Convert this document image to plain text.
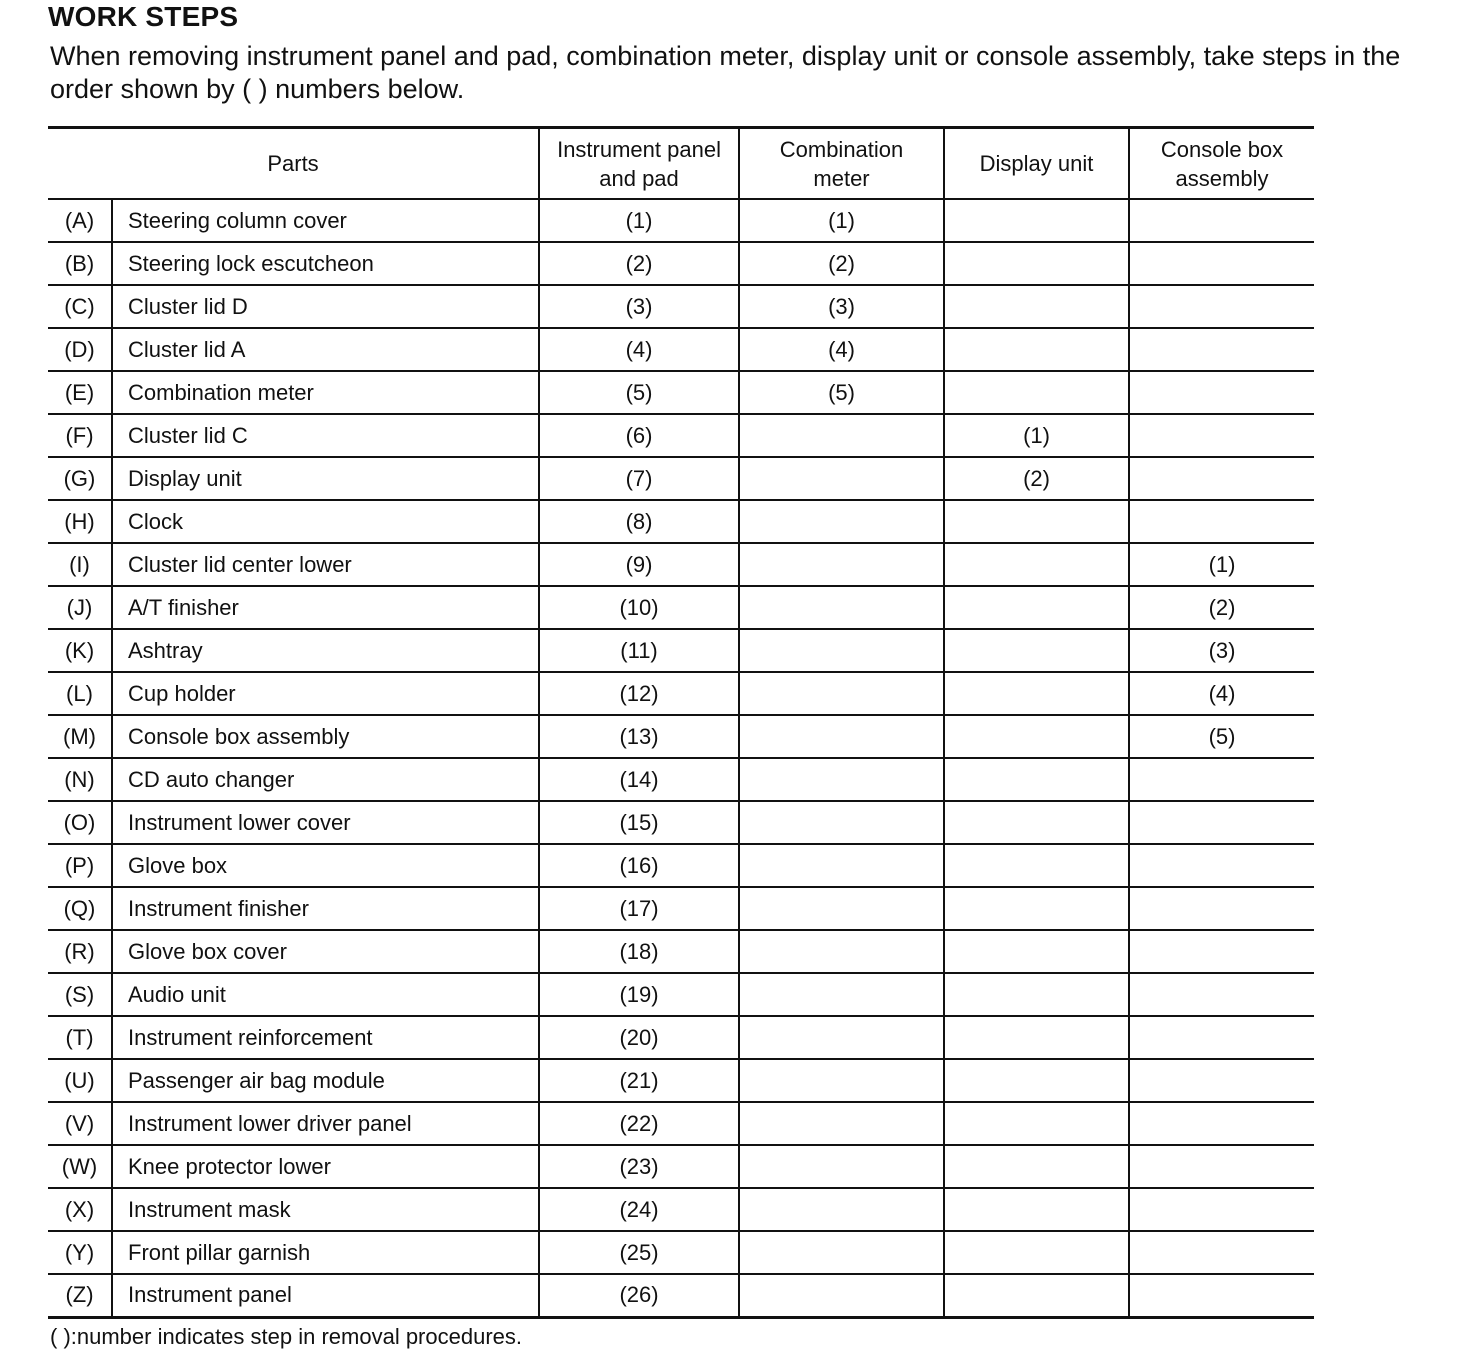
WORK STEPS
When removing instrument panel and pad, combination meter, display unit or console assembly, take steps in the order shown by ( ) numbers below.
Parts		Instrument panel
and pad	Combination
meter	Display unit	Console box
assembly
(A)	Steering column cover	(1)	(1)		
(B)	Steering lock escutcheon	(2)	(2)		
(C)	Cluster lid D	(3)	(3)		
(D)	Cluster lid A	(4)	(4)		
(E)	Combination meter	(5)	(5)		
(F)	Cluster lid C	(6)		(1)	
(G)	Display unit	(7)		(2)	
(H)	Clock	(8)			
(I)	Cluster lid center lower	(9)			(1)
(J)	A/T finisher	(10)			(2)
(K)	Ashtray	(11)			(3)
(L)	Cup holder	(12)			(4)
(M)	Console box assembly	(13)			(5)
(N)	CD auto changer	(14)			
(O)	Instrument lower cover	(15)			
(P)	Glove box	(16)			
(Q)	Instrument finisher	(17)			
(R)	Glove box cover	(18)			
(S)	Audio unit	(19)			
(T)	Instrument reinforcement	(20)			
(U)	Passenger air bag module	(21)			
(V)	Instrument lower driver panel	(22)			
(W)	Knee protector lower	(23)			
(X)	Instrument mask	(24)			
(Y)	Front pillar garnish	(25)			
(Z)	Instrument panel	(26)			
( ):number indicates step in removal procedures.
